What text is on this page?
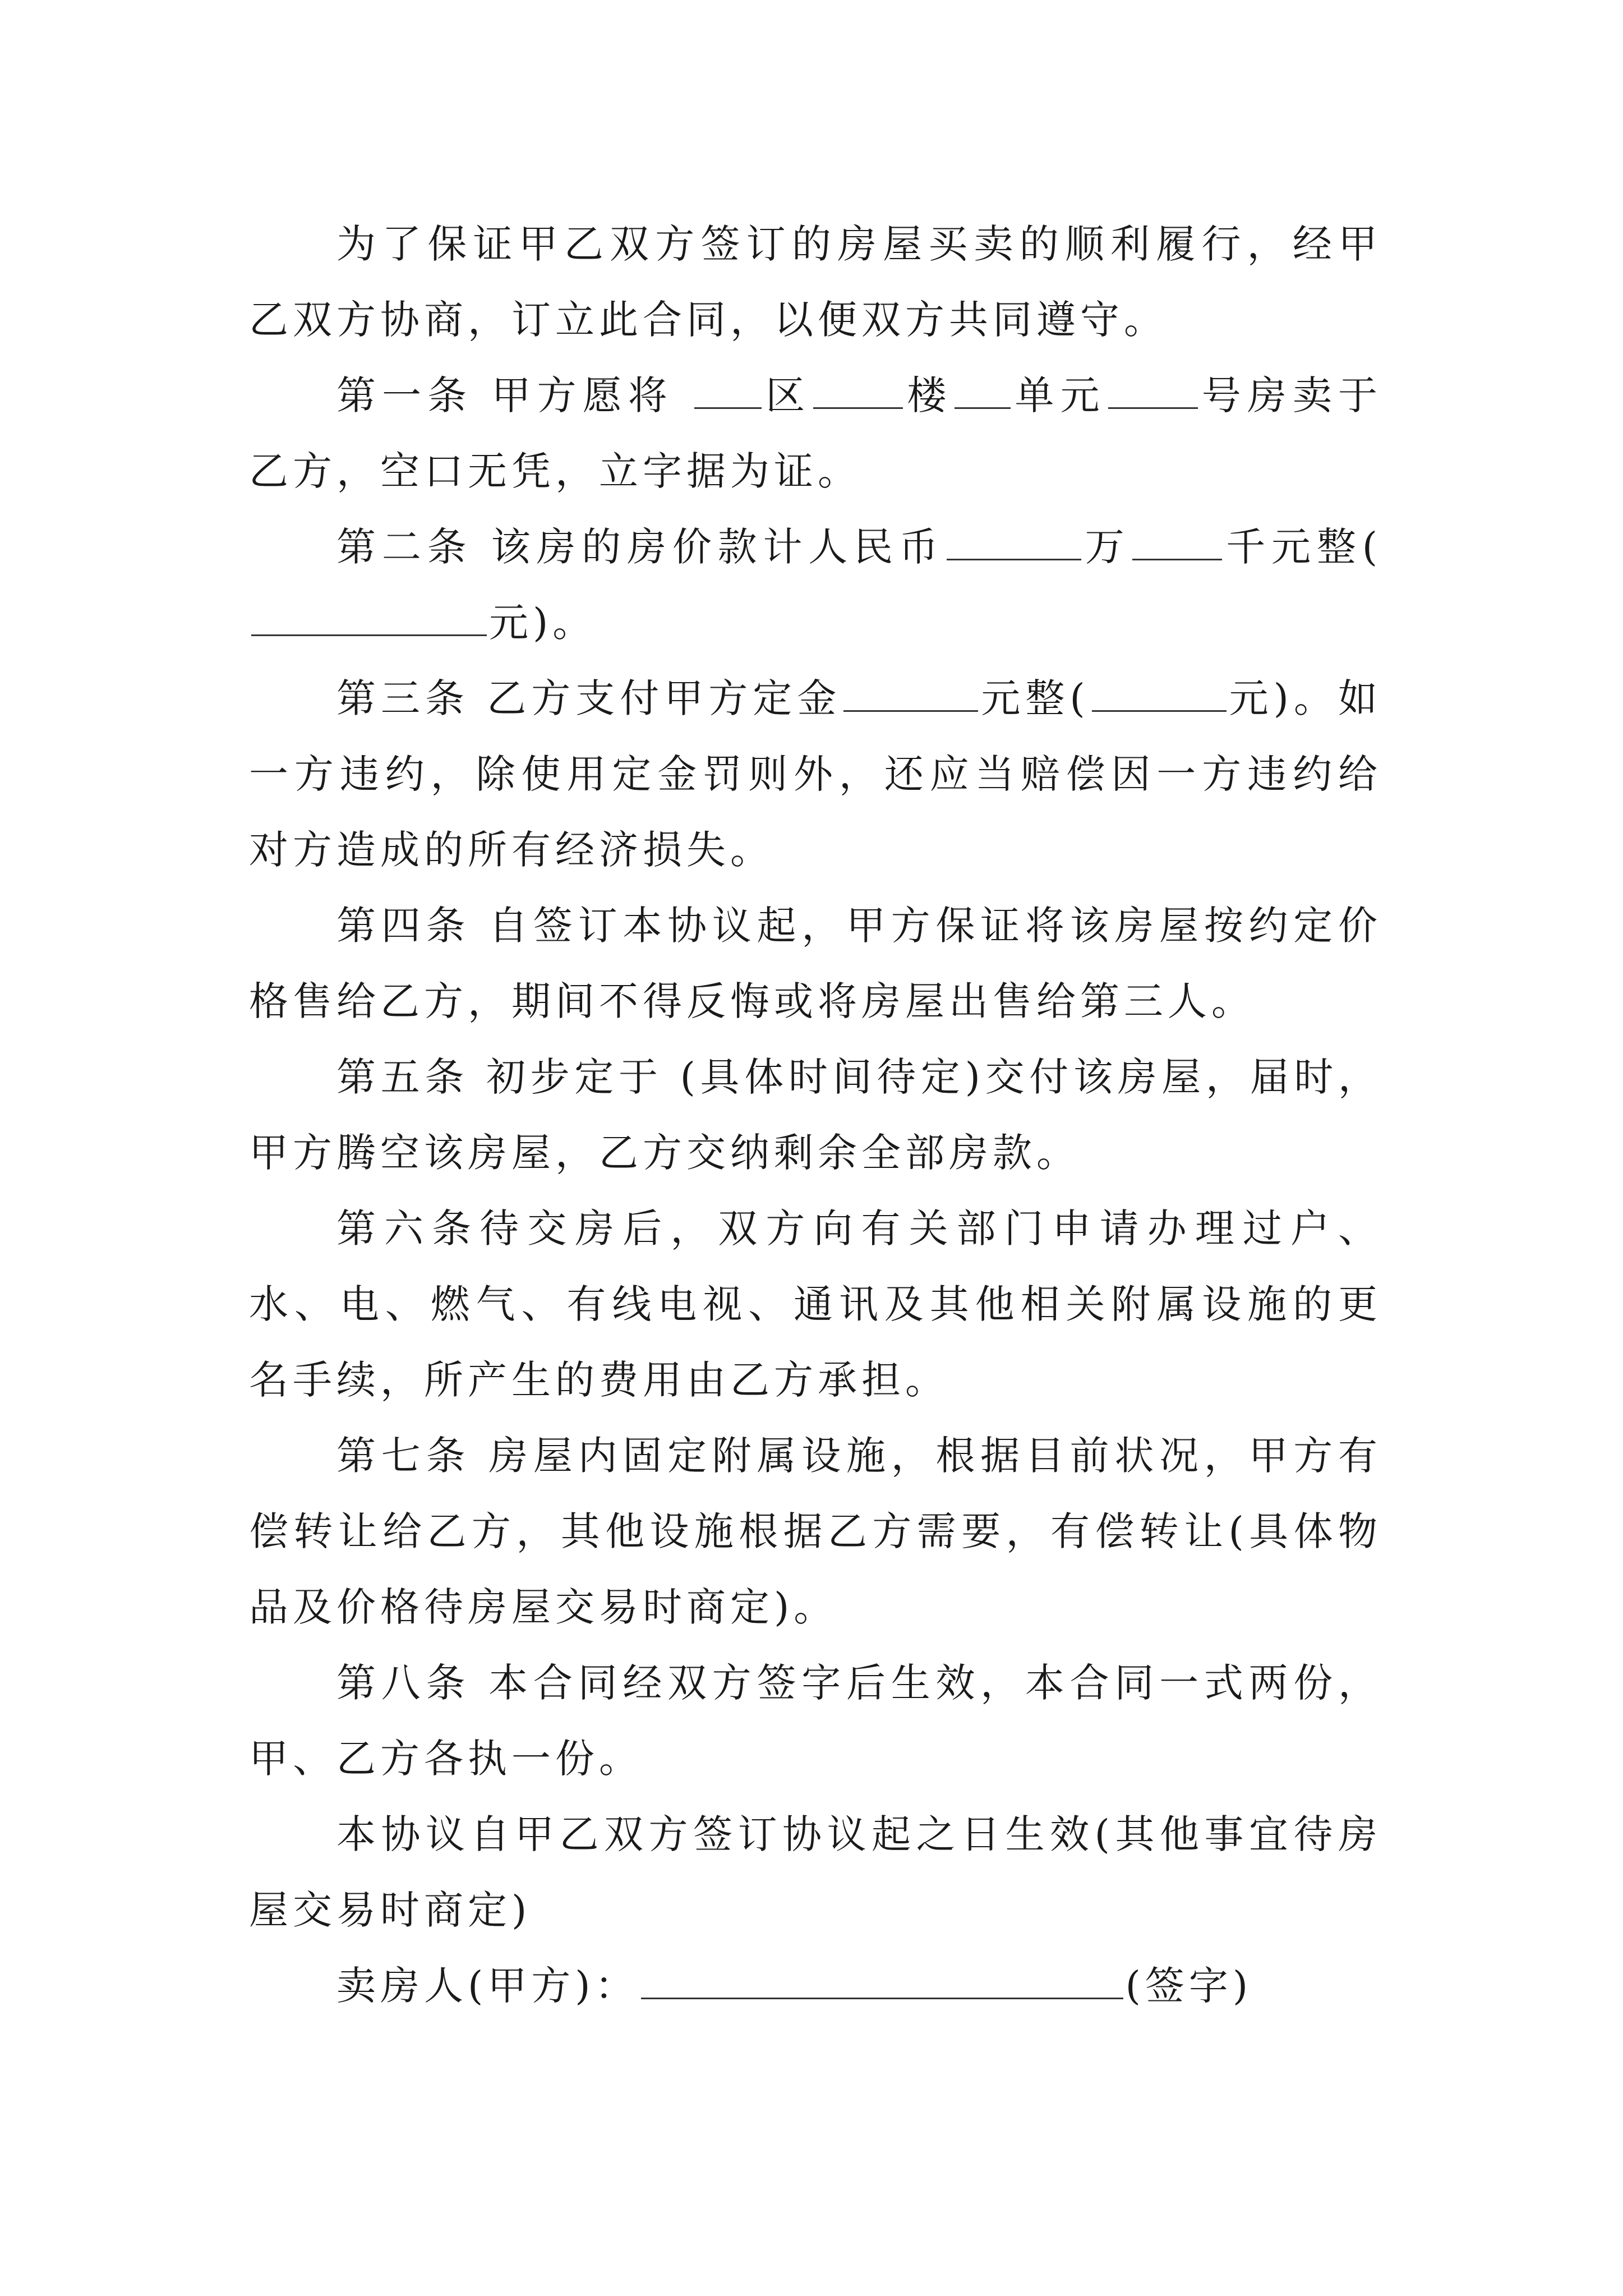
为了保证甲乙双方签订的房屋买卖的顺利履行，经甲乙双方协商，订立此合同，以便双方共同遵守。

第一条 甲方愿将 区 楼 单元 号房卖于乙方，空口无凭，立字据为证。

第二条 该房的房价款计人民币	万 千元整(元)。

第三条 乙方支付甲方定金	元整(	元)。如一方违约，除使用定金罚则外，还应当赔偿因一方违约给对方造成的所有经济损失。

第四条 自签订本协议起，甲方保证将该房屋按约定价格售给乙方，期间不得反悔或将房屋出售给第三人。

第五条 初步定于 (具体时间待定)交付该房屋，届时，甲方腾空该房屋，乙方交纳剩余全部房款。

第六条待交房后，双方向有关部门申请办理过户、水、电、燃气、有线电视、通讯及其他相关附属设施的更名手续，所产生的费用由乙方承担。

第七条 房屋内固定附属设施，根据目前状况，甲方有偿转让给乙方，其他设施根据乙方需要，有偿转让(具体物品及价格待房屋交易时商定)。

第八条 本合同经双方签字后生效，本合同一式两份，甲、乙方各执一份。

本协议自甲乙双方签订协议起之日生效(其他事宜待房屋交易时商定)

卖房人(甲方)：	(签字)
